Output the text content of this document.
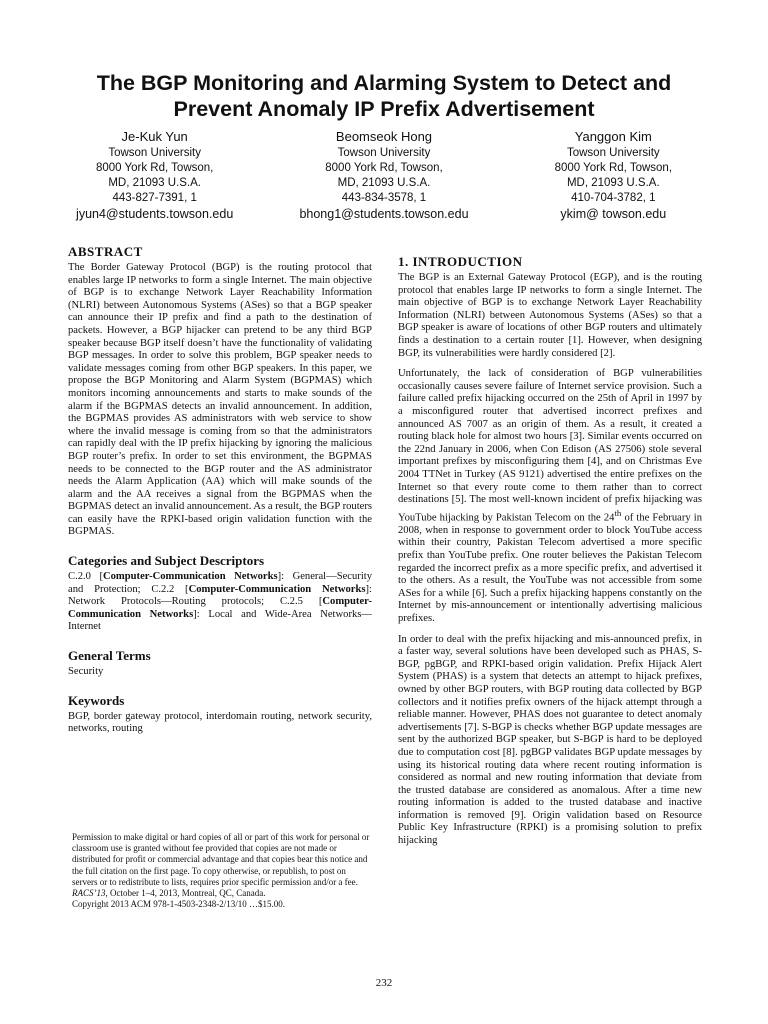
The BGP Monitoring and Alarming System to Detect and
Prevent Anomaly IP Prefix Advertisement
Je-Kuk Yun
Towson University
8000 York Rd, Towson,
MD, 21093 U.S.A.
443-827-7391, 1
jyun4@students.towson.edu
Beomseok Hong
Towson University
8000 York Rd, Towson,
MD, 21093 U.S.A.
443-834-3578, 1
bhong1@students.towson.edu
Yanggon Kim
Towson University
8000 York Rd, Towson,
MD, 21093 U.S.A.
410-704-3782, 1
ykim@ towson.edu
ABSTRACT

The Border Gateway Protocol (BGP) is the routing protocol that enables large IP networks to form a single Internet. The main objective of BGP is to exchange Network Layer Reachability Information (NLRI) between Autonomous Systems (ASes) so that a BGP speaker can announce their IP prefix and find a path to the destination of packets. However, a BGP hijacker can pretend to be any third BGP speaker because BGP itself doesn’t have the functionality of validating BGP messages. In order to solve this problem, BGP speaker needs to validate messages coming from other BGP speakers. In this paper, we propose the BGP Monitoring and Alarm System (BGPMAS) which monitors incoming announcements and starts to make sounds of the alarm if the BGPMAS detects an invalid announcement. In addition, the BGPMAS provides AS administrators with web service to show where the invalid message is coming from so that the administrators can rapidly deal with the IP prefix hijacking by ignoring the malicious BGP router’s prefix. In order to set this environment, the BGPMAS needs to be connected to the BGP router and the AS administrator needs the Alarm Application (AA) which will make sounds of the alarm and the AA receives a signal from the BGPMAS when the BGPMAS detect an invalid announcement. As a result, the BGP routers can easily have the RPKI-based origin validation function with the BGPMAS.

Categories and Subject Descriptors

C.2.0 [Computer-Communication Networks]: General—Security and Protection; C.2.2 [Computer-Communication Networks]: Network Protocols—Routing protocols; C.2.5 [Computer-Communication Networks]: Local and Wide-Area Networks—Internet

General Terms

Security

Keywords

BGP, border gateway protocol, interdomain routing, network security, networks, routing

Permission to make digital or hard copies of all or part of this work for personal or classroom use is granted without fee provided that copies are not made or distributed for profit or commercial advantage and that copies bear this notice and the full citation on the first page. To copy otherwise, or republish, to post on servers or to redistribute to lists, requires prior specific permission and/or a fee.

RACS’13, October 1–4, 2013, Montreal, QC, Canada.

Copyright 2013 ACM 978-1-4503-2348-2/13/10 …$15.00.

1. INTRODUCTION

The BGP is an External Gateway Protocol (EGP), and is the routing protocol that enables large IP networks to form a single Internet. The main objective of BGP is to exchange Network Layer Reachability Information (NLRI) between Autonomous Systems (ASes) so that a BGP speaker is aware of locations of other BGP routers and ultimately finds a destination to a certain router [1]. However, when designing BGP, its vulnerabilities were hardly considered [2].

Unfortunately, the lack of consideration of BGP vulnerabilities occasionally causes severe failure of Internet service provision. Such a failure called prefix hijacking occurred on the 25th of April in 1997 by a misconfigured router that advertised incorrect prefixes and announced AS 7007 as an origin of them. As a result, it created a routing black hole for almost two hours [3]. Similar events occurred on the 22nd January in 2006, when Con Edison (AS 27506) stole several important prefixes by misconfiguring them [4], and on Christmas Eve 2004 TTNet in Turkey (AS 9121) advertised the entire prefixes on the Internet so that every route come to them rather than to correct destinations [5]. The most well-known incident of prefix hijacking was YouTube hijacking by Pakistan Telecom on the 24th of the February in 2008, when in response to government order to block YouTube access within their country, Pakistan Telecom advertised a more specific prefix than YouTube prefix. One router believes the Pakistan Telecom regarded the incorrect prefix as a more specific prefix, and advertised it to the others. As a result, the YouTube was not accessible from some ASes for a while [6]. Such a prefix hijacking happens constantly on the Internet by mis-announcement or intentionally advertising malicious prefixes.

In order to deal with the prefix hijacking and mis-announced prefix, in a faster way, several solutions have been developed such as PHAS, S-BGP, pgBGP, and RPKI-based origin validation. Prefix Hijack Alert System (PHAS) is a system that detects an attempt to hijack prefixes, owned by other BGP routers, with BGP routing data collected by BGP collectors and it notifies prefix owners of the hijack attempt through a reliable manner. However, PHAS does not guarantee to detect anomaly advertisements [7]. S-BGP is checks whether BGP update messages are sent by the authorized BGP speaker, but S-BGP is hard to be deployed due to computation cost [8]. pgBGP validates BGP update messages by using its historical routing data where recent routing information is considered as normal and new routing information that deviate from the trusted database are considered as anomalous. After a time new routing information is added to the trusted database and inactive information is removed [9]. Origin validation based on Resource Public Key Infrastructure (RPKI) is a promising solution to prefix hijacking

232
